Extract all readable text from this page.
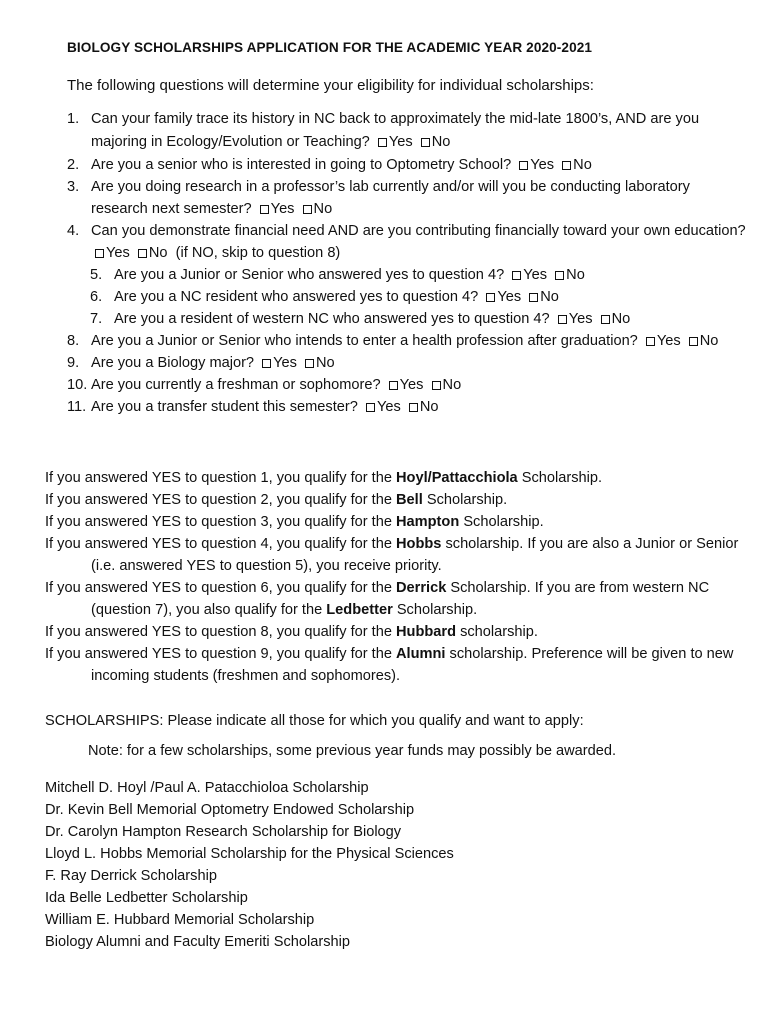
BIOLOGY SCHOLARSHIPS APPLICATION FOR THE ACADEMIC YEAR 2020-2021
The following questions will determine your eligibility for individual scholarships:
1. Can your family trace its history in NC back to approximately the mid-late 1800’s, AND are you majoring in Ecology/Evolution or Teaching? Yes No
2. Are you a senior who is interested in going to Optometry School? Yes No
3. Are you doing research in a professor’s lab currently and/or will you be conducting laboratory research next semester? Yes No
4. Can you demonstrate financial need AND are you contributing financially toward your own education? Yes No (if NO, skip to question 8)
5. Are you a Junior or Senior who answered yes to question 4? Yes No
6. Are you a NC resident who answered yes to question 4? Yes No
7. Are you a resident of western NC who answered yes to question 4? Yes No
8. Are you a Junior or Senior who intends to enter a health profession after graduation? Yes No
9. Are you a Biology major? Yes No
10. Are you currently a freshman or sophomore? Yes No
11. Are you a transfer student this semester? Yes No

If you answered YES to question 1, you qualify for the Hoyl/Pattacchiola Scholarship.

If you answered YES to question 2, you qualify for the Bell Scholarship.

If you answered YES to question 3, you qualify for the Hampton Scholarship.

If you answered YES to question 4, you qualify for the Hobbs scholarship. If you are also a Junior or Senior (i.e. answered YES to question 5), you receive priority.

If you answered YES to question 6, you qualify for the Derrick Scholarship. If you are from western NC (question 7), you also qualify for the Ledbetter Scholarship.

If you answered YES to question 8, you qualify for the Hubbard scholarship.

If you answered YES to question 9, you qualify for the Alumni scholarship. Preference will be given to new incoming students (freshmen and sophomores).

SCHOLARSHIPS: Please indicate all those for which you qualify and want to apply:
Note: for a few scholarships, some previous year funds may possibly be awarded.
Mitchell D. Hoyl /Paul A. Patacchioloa Scholarship
Dr. Kevin Bell Memorial Optometry Endowed Scholarship
Dr. Carolyn Hampton Research Scholarship for Biology
Lloyd L. Hobbs Memorial Scholarship for the Physical Sciences
F. Ray Derrick Scholarship
Ida Belle Ledbetter Scholarship
William E. Hubbard Memorial Scholarship
Biology Alumni and Faculty Emeriti Scholarship
